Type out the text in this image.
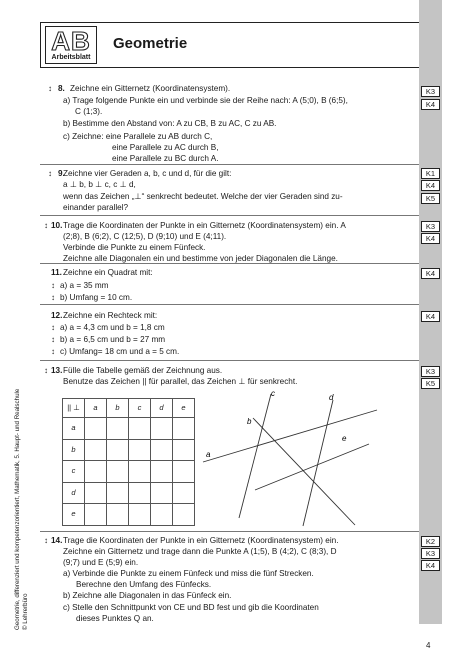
AB
Arbeitsblatt
Geometrie
↕ 8. Zeichne ein Gitternetz (Koordinatensystem).
a) Trage folgende Punkte ein und verbinde sie der Reihe nach: A (5;0), B (6;5),
C (1;3).
b) Bestimme den Abstand von: A zu CB, B zu AC, C zu AB.
c) Zeichne: eine Parallele zu AB durch C,
eine Parallele zu AC durch B,
eine Parallele zu BC durch A.
K3
K4
↕ 9.
Zeichne vier Geraden a, b, c und d, für die gilt:
a ⊥ b, b ⊥ c, c ⊥ d,
wenn das Zeichen „⊥“ senkrecht bedeutet. Welche der vier Geraden sind zu-
einander parallel?
K1
K4
K5
↕ 10. Trage die Koordinaten der Punkte in ein Gitternetz (Koordinatensystem) ein. A
(2;8), B (6;2), C (12;5), D (9;10) und E (4;11).
Verbinde die Punkte zu einem Fünfeck.
Zeichne alle Diagonalen ein und bestimme von jeder Diagonalen die Länge.
K3
K4
11. Zeichne ein Quadrat mit:
↕ a) a = 35 mm
↕ b) Umfang = 10 cm.
K4
12. Zeichne ein Rechteck mit:
↕ a) a = 4,3 cm und b = 1,8 cm
↕ b) a = 6,5 cm und b = 27 mm
↕ c) Umfang= 18 cm und a = 5 cm.
K4
↕ 13. Fülle die Tabelle gemäß der Zeichnung aus.
Benutze das Zeichen || für parallel, das Zeichen ⊥ für senkrecht.
K3
K5
|| ⊥	a	b	c	d	e
a					
b					
c					
d					
e					
a
b
c	d
e
↕ 14. Trage die Koordinaten der Punkte in ein Gitternetz (Koordinatensystem) ein.
Zeichne ein Gitternetz und trage dann die Punkte A (1;5), B (4;2), C (8;3), D
(9;7) und E (5;9) ein.
a) Verbinde die Punkte zu einem Fünfeck und miss die fünf Strecken.
Berechne den Umfang des Fünfecks.
b) Zeichne alle Diagonalen in das Fünfeck ein.
c) Stelle den Schnittpunkt von CE und BD fest und gib die Koordinaten
dieses Punktes Q an.
K2
K3
K4
Geometrie, differenziert und kompetenzorientiert, Mathematik, 5. Haupt- und Realschule © Lehrerbüro
4
